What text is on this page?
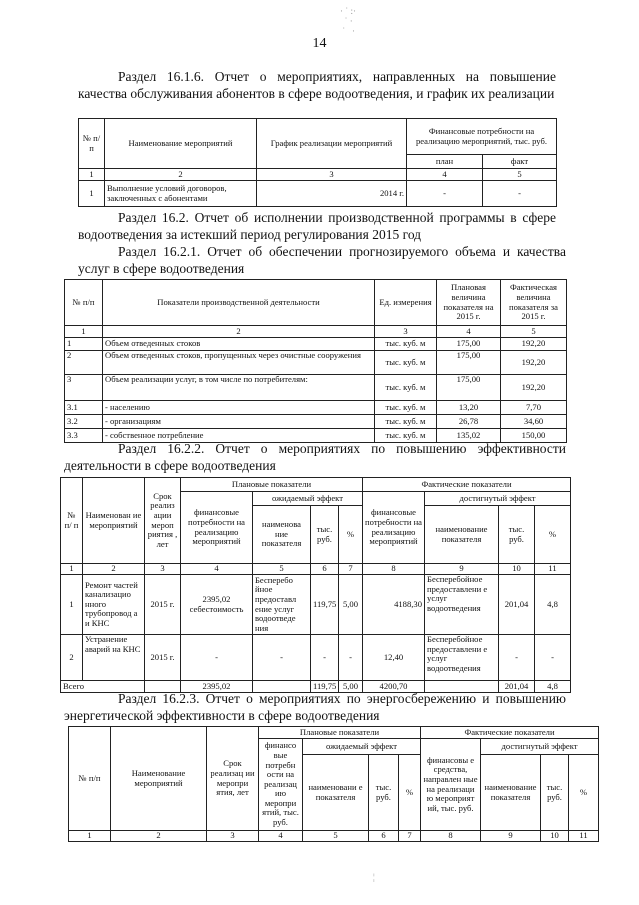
· ˙ :·
˙ ·
˙   ·
14
Раздел 16.1.6. Отчет о мероприятиях, направленных на повышение качества обслуживания абонентов в сфере водоотведения, и график их реализации
№ п/п	Наименование мероприятий	График реализации мероприятий	Финансовые потребности на реализацию мероприятий, тыс. руб.	
			план	факт
1	2	3	4	5
1	Выполнение условий договоров, заключенных с абонентами	2014 г.	-	-
Раздел 16.2. Отчет об исполнении производственной программы в сфере водоотведения за истекший период регулирования 2015 год
Раздел 16.2.1. Отчет об обеспечении прогнозируемого объема и качества услуг в сфере водоотведения
№ п/п	Показатели производственной деятельности	Ед. измерения	Плановая величина показателя на 2015 г.	Фактическая величина показателя за 2015 г.
1	2	3	4	5
1	Объем отведенных стоков	тыс. куб. м	175,00	192,20
2	Объем отведенных стоков, пропущенных через очистные сооружения	тыс. куб. м	175,00	192,20
3	Объем реализации услуг, в том числе по потребителям:	тыс. куб. м	175,00	192,20
3.1	- населению	тыс. куб. м	13,20	7,70
3.2	- организациям	тыс. куб. м	26,78	34,60
3.3	- собственное потребление	тыс. куб. м	135,02	150,00
Раздел 16.2.2. Отчет о мероприятиях по повышению эффективности деятельности в сфере водоотведения
№ п/ п	Наименован ие мероприятий	Срок реализ ации мероп риятия , лет	Плановые показатели				Фактические показатели			
			финансовые потребности на реализацию мероприятий	ожидаемый эффект			финансовые потребности на реализацию мероприятий	достигнутый эффект		
				наименова ние показателя	тыс. руб.	%		наименование показателя	тыс. руб.	%
1	2	3	4	5	6	7	8	9	10	11
1	Ремонт частей канализацио нного трубопровод а и КНС	2015 г.	2395,02 себестоимость	Бесперебо йное предоставл ение услуг водоотведе ния	119,75	5,00	4188,30	Бесперебойное предоставлени е услуг водоотведения	201,04	4,8
2	Устранение аварий на КНС	2015 г.	-	-	-	-	12,40	Бесперебойное предоставлени е услуг водоотведения	-	-
Всего			2395,02		119,75	5,00	4200,70		201,04	4,8
Раздел 16.2.3. Отчет о мероприятиях по энергосбережению и повышению энергетической эффективности в сфере водоотведения
№ п/п	Наименование мероприятий	Срок реализац ии меропри ятия, лет	Плановые показатели				Фактические показатели			
			финансо вые потребн ости на реализац ию меропри ятий, тыс. руб.	ожидаемый эффект			финансовы е средства, направлен ные на реализаци ю мероприят ий, тыс. руб.	достигнутый эффект		
				наименовани е показателя	тыс. руб.	%		наименование показателя	тыс. руб.	%
1	2	3	4	5	6	7	8	9	10	11
¦
